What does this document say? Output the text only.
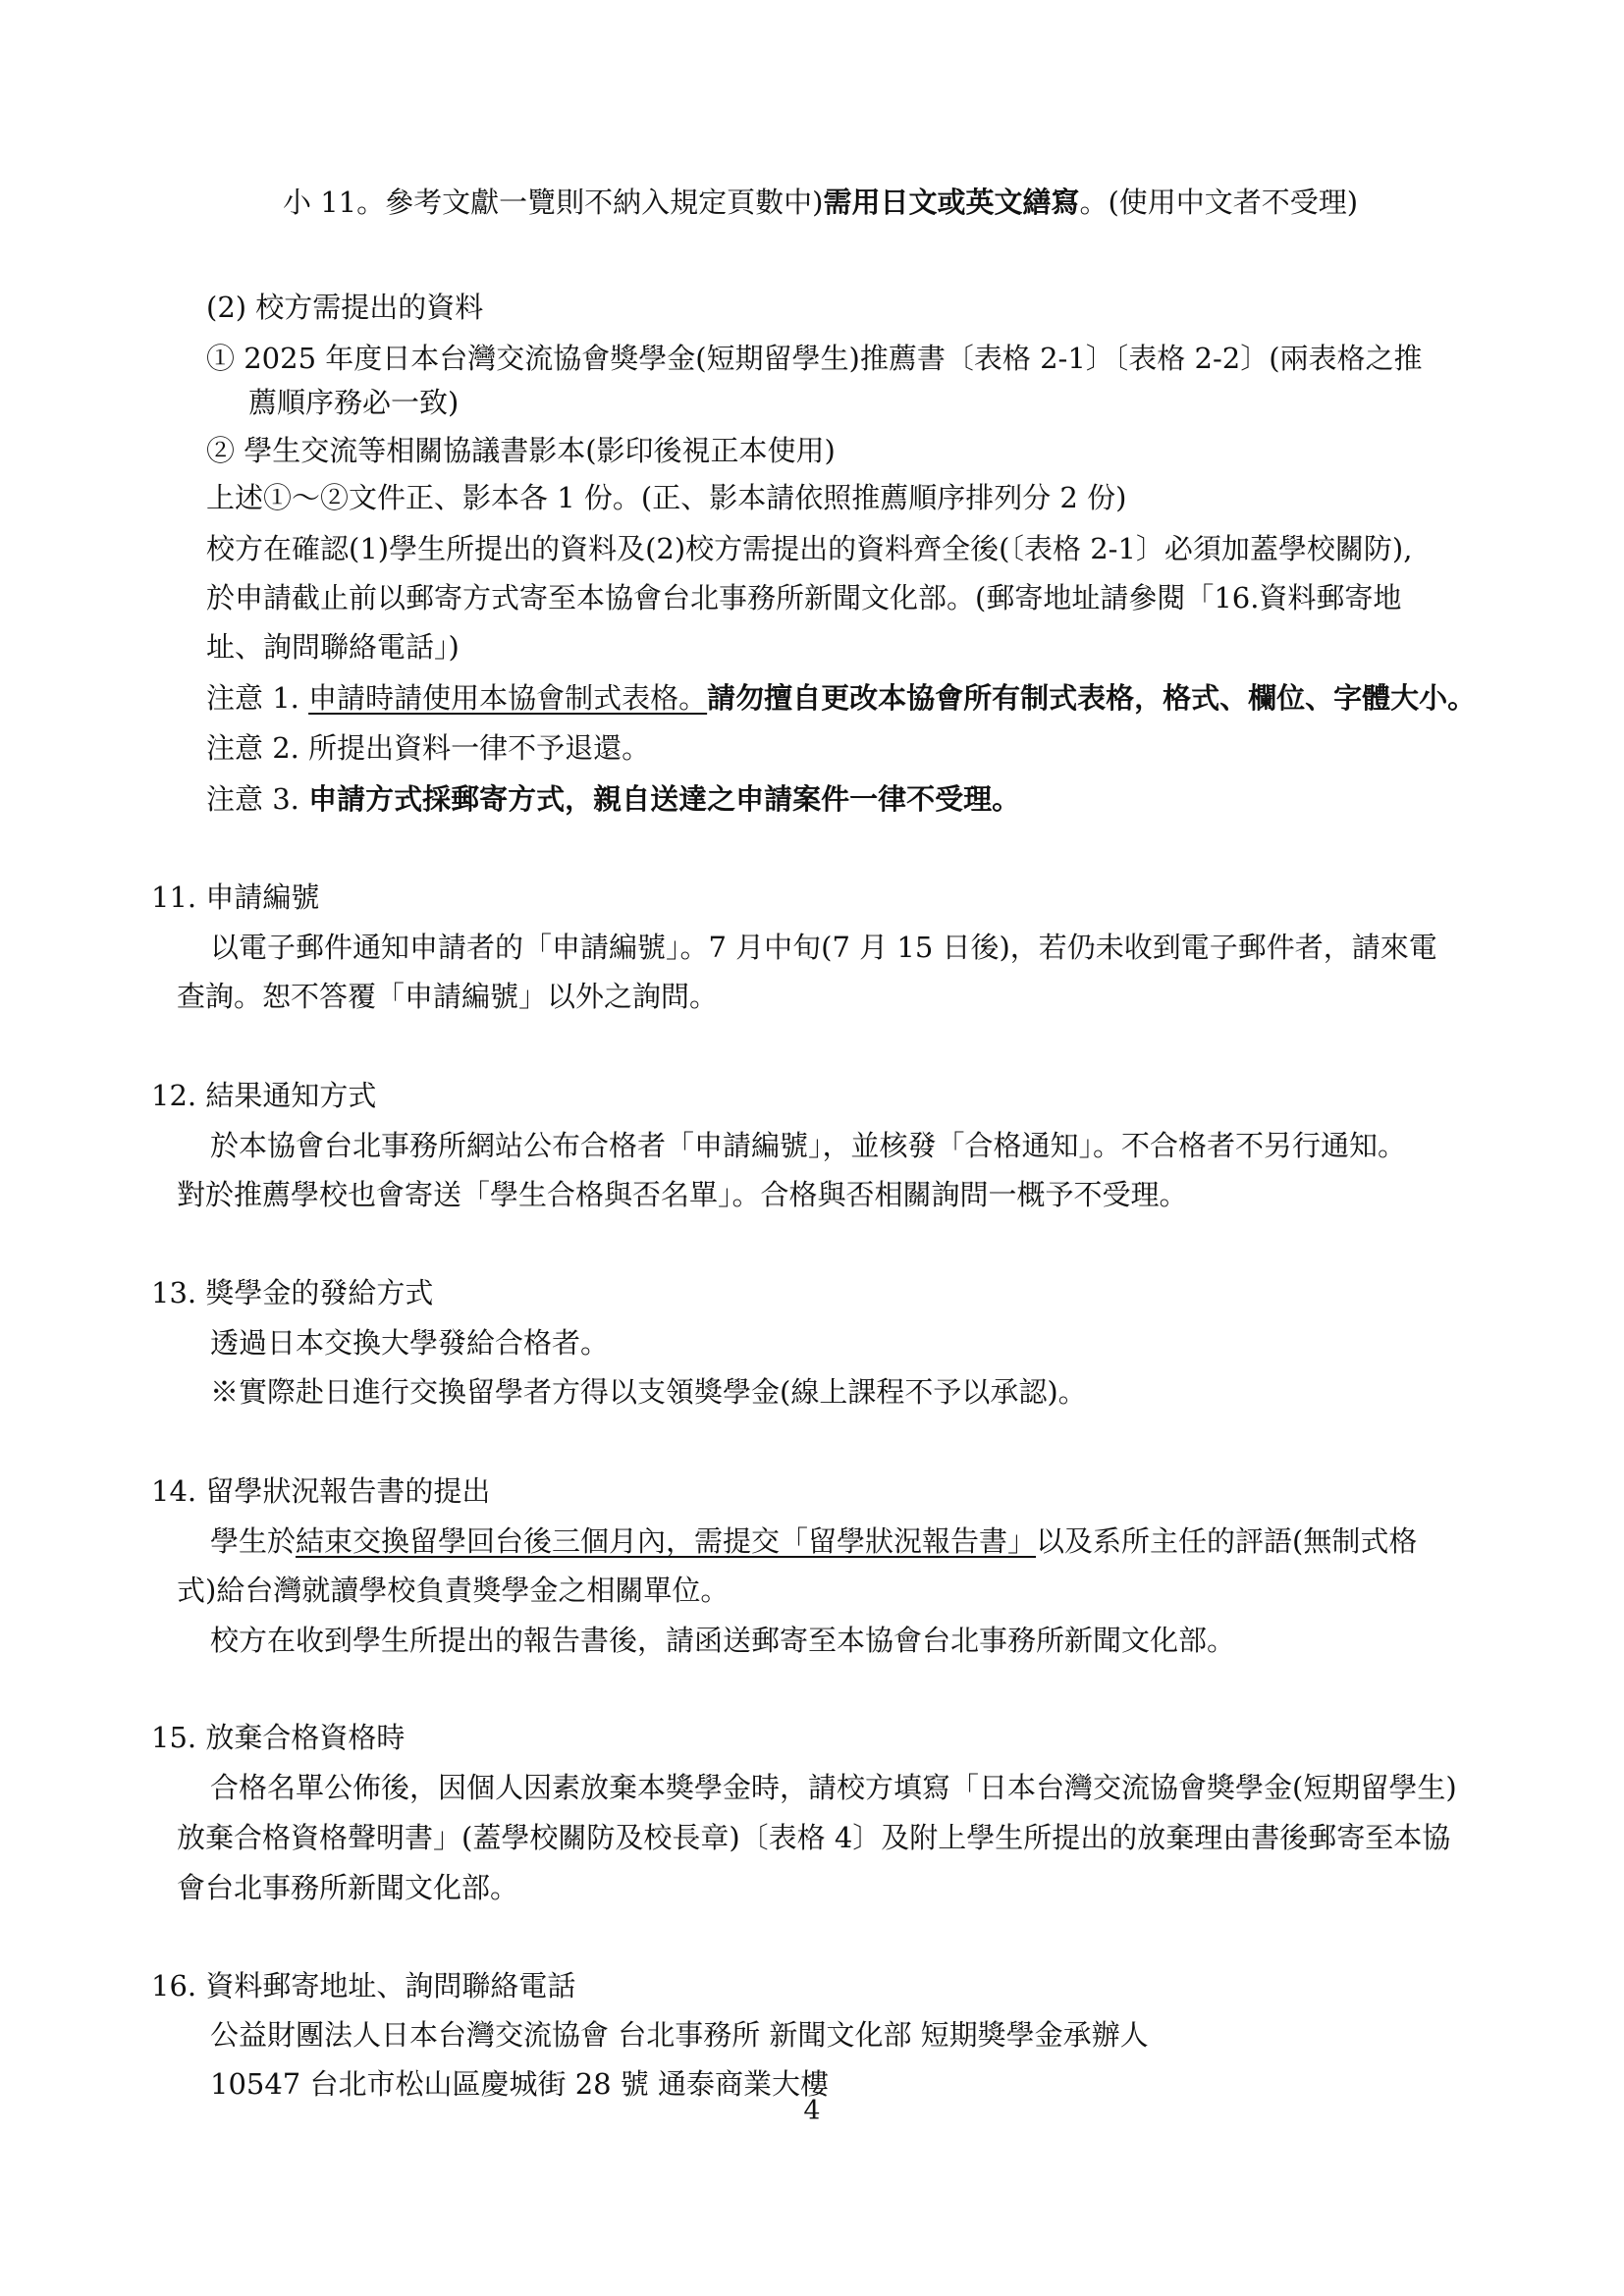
小 11。參考文獻一覽則不納入規定頁數中)需用日文或英文繕寫。(使用中文者不受理)
(2) 校方需提出的資料
① 2025 年度日本台灣交流協會獎學金(短期留學生)推薦書〔表格 2-1〕〔表格 2-2〕(兩表格之推
薦順序務必一致)
② 學生交流等相關協議書影本(影印後視正本使用)
上述①～②文件正、影本各 1 份。(正、影本請依照推薦順序排列分 2 份)
校方在確認(1)學生所提出的資料及(2)校方需提出的資料齊全後(〔表格 2-1〕必須加蓋學校關防),
於申請截止前以郵寄方式寄至本協會台北事務所新聞文化部。(郵寄地址請參閱「16.資料郵寄地
址、詢問聯絡電話」)
注意 1. 申請時請使用本協會制式表格。請勿擅自更改本協會所有制式表格，格式、欄位、字體大小。
注意 2. 所提出資料一律不予退還。
注意 3. 申請方式採郵寄方式，親自送達之申請案件一律不受理。
11. 申請編號
以電子郵件通知申請者的「申請編號」。7 月中旬(7 月 15 日後)，若仍未收到電子郵件者，請來電
查詢。恕不答覆「申請編號」以外之詢問。
12. 結果通知方式
於本協會台北事務所網站公布合格者「申請編號」，並核發「合格通知」。不合格者不另行通知。
對於推薦學校也會寄送「學生合格與否名單」。合格與否相關詢問一概予不受理。
13. 獎學金的發給方式
透過日本交換大學發給合格者。
※實際赴日進行交換留學者方得以支領獎學金(線上課程不予以承認)。
14. 留學狀況報告書的提出
學生於結束交換留學回台後三個月內，需提交「留學狀況報告書」以及系所主任的評語(無制式格
式)給台灣就讀學校負責獎學金之相關單位。
校方在收到學生所提出的報告書後，請函送郵寄至本協會台北事務所新聞文化部。
15. 放棄合格資格時
合格名單公佈後，因個人因素放棄本獎學金時，請校方填寫「日本台灣交流協會獎學金(短期留學生)
放棄合格資格聲明書」(蓋學校關防及校長章)〔表格 4〕及附上學生所提出的放棄理由書後郵寄至本協
會台北事務所新聞文化部。
16. 資料郵寄地址、詢問聯絡電話
公益財團法人日本台灣交流協會 台北事務所 新聞文化部 短期獎學金承辦人
10547 台北市松山區慶城街 28 號 通泰商業大樓
4
